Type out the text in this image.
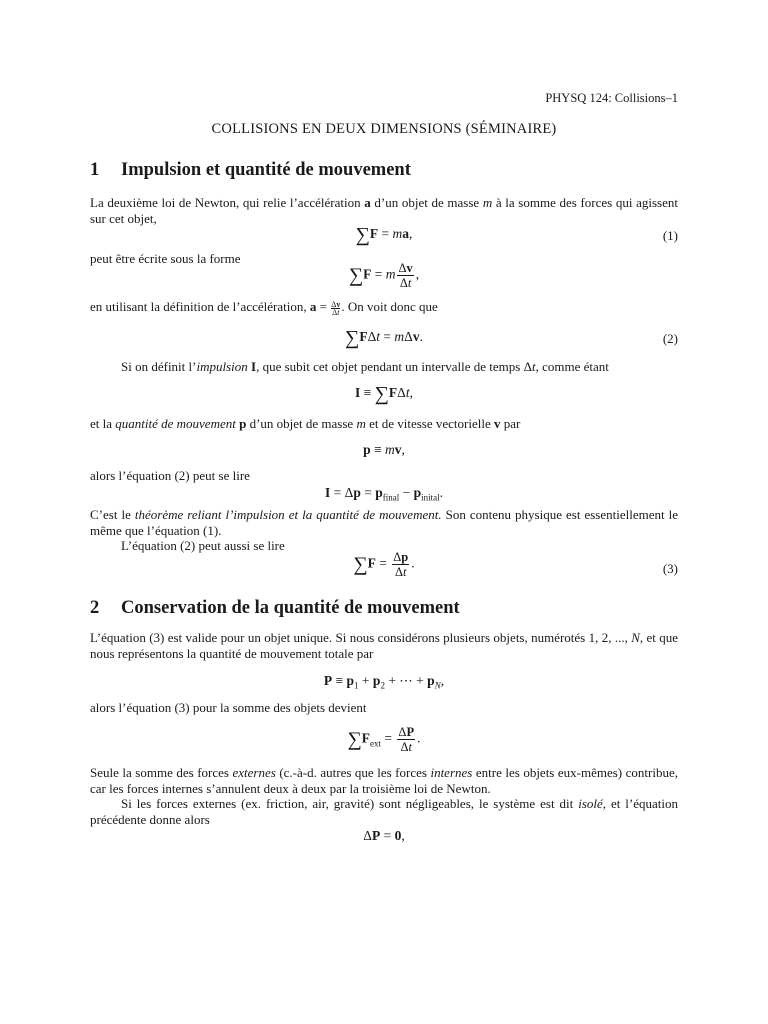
PHYSQ 124: Collisions–1
COLLISIONS EN DEUX DIMENSIONS (SÉMINAIRE)
1 Impulsion et quantité de mouvement
La deuxième loi de Newton, qui relie l’accélération a d’un objet de masse m à la somme des forces qui agissent sur cet objet,
∑F = ma,	(1)
peut être écrite sous la forme
∑F = m $\frac{\Delta v}{\Delta t}$ ,
en utilisant la définition de l’accélération, $a = \frac{\Delta v}{\Delta t}$ . On voit donc que
∑FΔt = mΔv.	(2)
Si on définit l’impulsion I, que subit cet objet pendant un intervalle de temps Δt, comme étant
I ≡ ∑FΔt,
et la quantité de mouvement p d’un objet de masse m et de vitesse vectorielle v par
p ≡ mv,
alors l’équation (2) peut se lire
$I = \Delta p = p_{final} - p_{inital}$.
C’est le théorème reliant l’impulsion et la quantité de mouvement. Son contenu physique est essentiellement le même que l’équation (1).
L’équation (2) peut aussi se lire
$\sum F = \frac{\Delta p}{\Delta t}$ .	(3)
2 Conservation de la quantité de mouvement
L’équation (3) est valide pour un objet unique. Si nous considérons plusieurs objets, numérotés 1, 2, ..., N, et que nous représentons la quantité de mouvement totale par
$P \equiv p_1 + p_2$ + ⋯ + $p_N$,
alors l’équation (3) pour la somme des objets devient
$\sum F_{ext} = \frac{\Delta P}{\Delta t}$ .
Seule la somme des forces externes (c.-à-d. autres que les forces internes entre les objets eux-mêmes) contribue, car les forces internes s’annulent deux à deux par la troisième loi de Newton.
Si les forces externes (ex. friction, air, gravité) sont négligeables, le système est dit isolé, et l’équation précédente donne alors
ΔP = 0,
